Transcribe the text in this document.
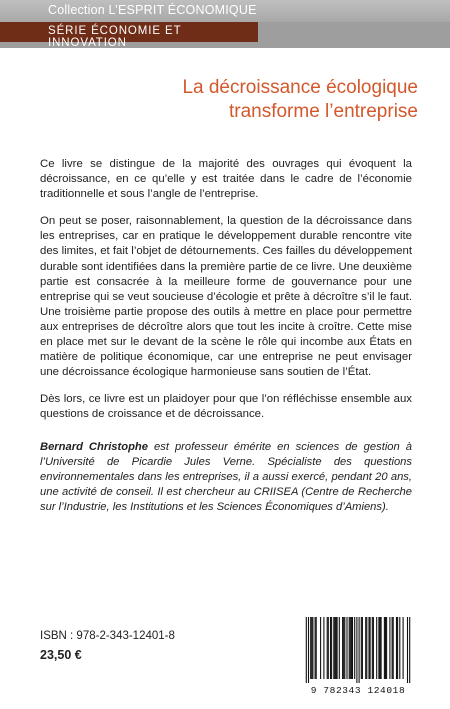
Collection L’ESPRIT ÉCONOMIQUE
SÉRIE ÉCONOMIE ET INNOVATION
La décroissance écologique
transforme l’entreprise

Ce livre se distingue de la majorité des ouvrages qui évoquent la décroissance, en ce qu’elle y est traitée dans le cadre de l’économie traditionnelle et sous l’angle de l’entreprise.

On peut se poser, raisonnablement, la question de la décroissance dans les entreprises, car en pratique le développement durable rencontre vite des limites, et fait l’objet de détournements. Ces failles du développement durable sont identifiées dans la première partie de ce livre. Une deuxième partie est consacrée à la meilleure forme de gouvernance pour une entreprise qui se veut soucieuse d’écologie et prête à décroître s’il le faut. Une troisième partie propose des outils à mettre en place pour permettre aux entreprises de décroître alors que tout les incite à croître. Cette mise en place met sur le devant de la scène le rôle qui incombe aux États en matière de politique économique, car une entreprise ne peut envisager une décroissance écologique harmonieuse sans soutien de l’État.

Dès lors, ce livre est un plaidoyer pour que l’on réfléchisse ensemble aux questions de croissance et de décroissance.

Bernard Christophe est professeur émérite en sciences de gestion à l’Université de Picardie Jules Verne. Spécialiste des questions environnementales dans les entreprises, il a aussi exercé, pendant 20 ans, une activité de conseil. Il est chercheur au CRIISEA (Centre de Recherche sur l’Industrie, les Institutions et les Sciences Économiques d’Amiens).
ISBN : 978-2-343-12401-8
23,50 €
9 782343 124018
